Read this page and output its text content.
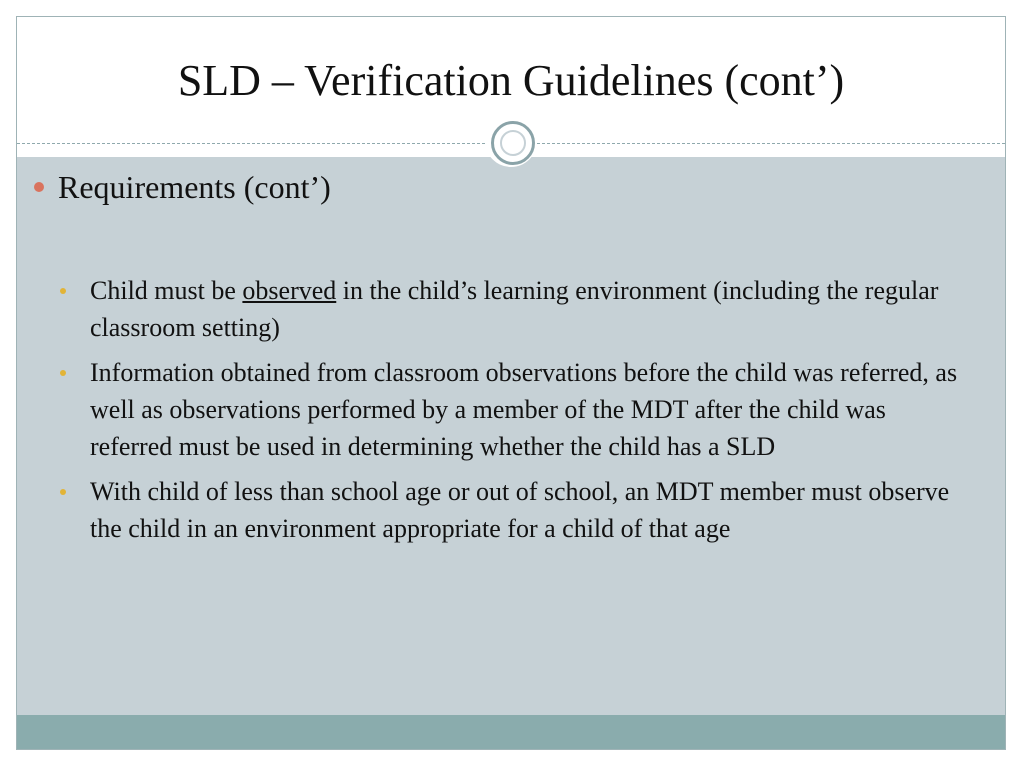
SLD – Verification Guidelines (cont’)
Requirements (cont’)
Child must be observed in the child’s learning environment (including the regular classroom setting)
Information obtained from classroom observations before the child was referred, as well as observations performed by a member of the MDT after the child was referred must be used in determining whether the child has a SLD
With child of less than school age or out of school, an MDT member must observe the child in an environment appropriate for a child of that age
